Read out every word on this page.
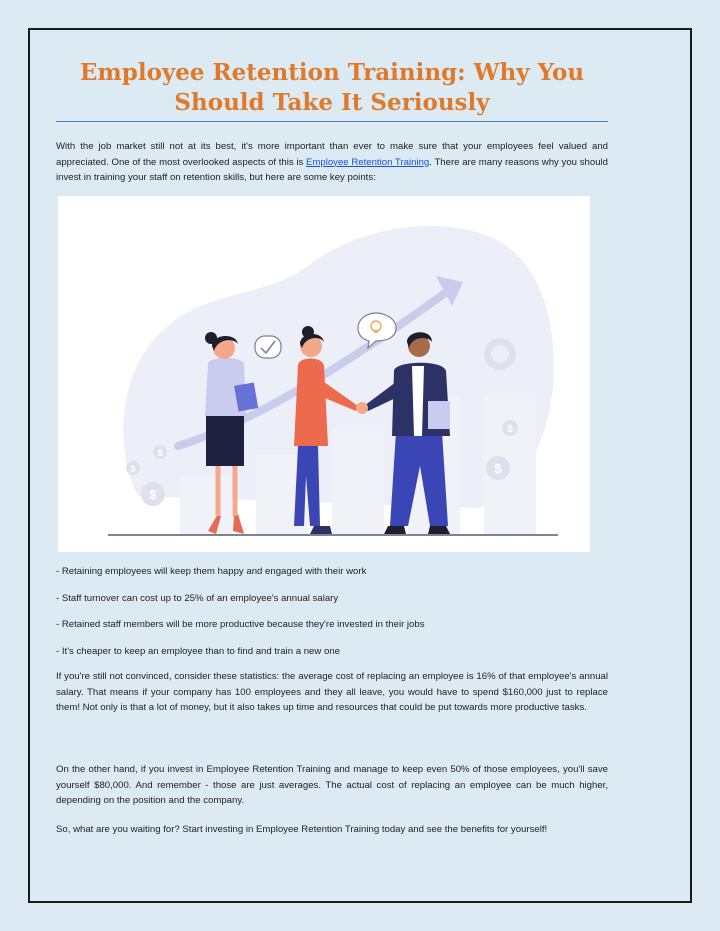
Employee Retention Training: Why You Should Take It Seriously

With the job market still not at its best, it's more important than ever to make sure that your employees feel valued and appreciated. One of the most overlooked aspects of this is Employee Retention Training. There are many reasons why you should invest in training your staff on retention skills, but here are some key points:

$
$
$
$
$

- Retaining employees will keep them happy and engaged with their work

- Staff turnover can cost up to 25% of an employee's annual salary

- Retained staff members will be more productive because they're invested in their jobs

- It's cheaper to keep an employee than to find and train a new one

If you're still not convinced, consider these statistics: the average cost of replacing an employee is 16% of that employee's annual salary. That means if your company has 100 employees and they all leave, you would have to spend $160,000 just to replace them! Not only is that a lot of money, but it also takes up time and resources that could be put towards more productive tasks.

On the other hand, if you invest in Employee Retention Training and manage to keep even 50% of those employees, you'll save yourself $80,000. And remember - those are just averages. The actual cost of replacing an employee can be much higher, depending on the position and the company.

So, what are you waiting for? Start investing in Employee Retention Training today and see the benefits for yourself!
